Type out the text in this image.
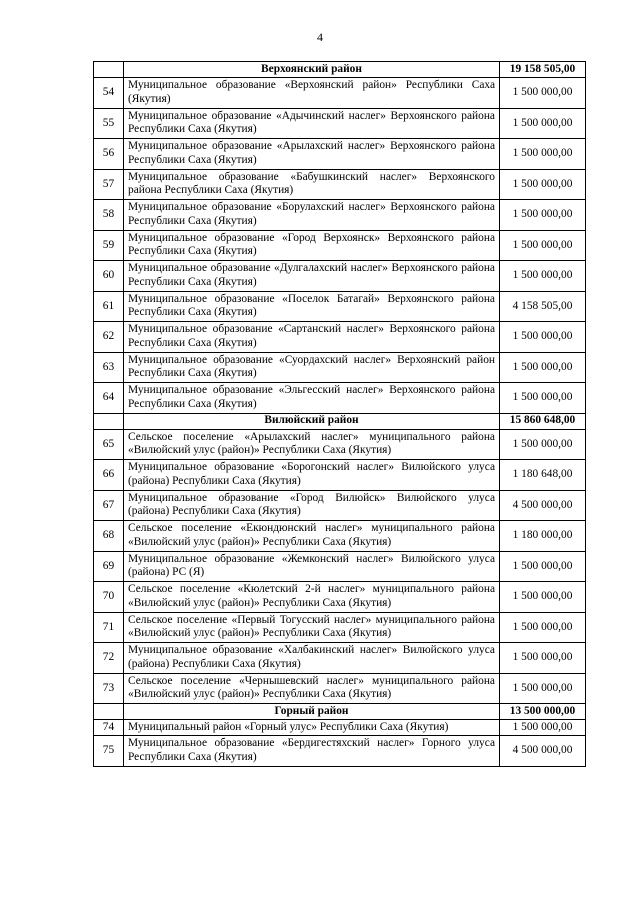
4
	Верхоянский район	19 158 505,00
54	Муниципальное образование «Верхоянский район» Республики Саха (Якутия)	1 500 000,00
55	Муниципальное образование «Адычинский наслег» Верхоянского района Республики Саха (Якутия)	1 500 000,00
56	Муниципальное образование «Арылахский наслег» Верхоянского района Республики Саха (Якутия)	1 500 000,00
57	Муниципальное образование «Бабушкинский наслег» Верхоянского района Республики Саха (Якутия)	1 500 000,00
58	Муниципальное образование «Борулахский наслег» Верхоянского района Республики Саха (Якутия)	1 500 000,00
59	Муниципальное образование «Город Верхоянск» Верхоянского района Республики Саха (Якутия)	1 500 000,00
60	Муниципальное образование «Дулгалахский наслег» Верхоянского района Республики Саха (Якутия)	1 500 000,00
61	Муниципальное образование «Поселок Батагай» Верхоянского района Республики Саха (Якутия)	4 158 505,00
62	Муниципальное образование «Сартанский наслег» Верхоянского района Республики Саха (Якутия)	1 500 000,00
63	Муниципальное образование «Суордахский наслег» Верхоянский район Республики Саха (Якутия)	1 500 000,00
64	Муниципальное образование «Эльгесский наслег» Верхоянского района Республики Саха (Якутия)	1 500 000,00
	Вилюйский район	15 860 648,00
65	Сельское поселение «Арылахский наслег» муниципального района «Вилюйский улус (район)» Республики Саха (Якутия)	1 500 000,00
66	Муниципальное образование «Борогонский наслег» Вилюйского улуса (района) Республики Саха (Якутия)	1 180 648,00
67	Муниципальное образование «Город Вилюйск» Вилюйского улуса (района) Республики Саха (Якутия)	4 500 000,00
68	Сельское поселение «Екюндюнский наслег» муниципального района «Вилюйский улус (район)» Республики Саха (Якутия)	1 180 000,00
69	Муниципальное образование «Жемконский наслег» Вилюйского улуса (района) РС (Я)	1 500 000,00
70	Сельское поселение «Кюлетский 2-й наслег» муниципального района «Вилюйский улус (район)» Республики Саха (Якутия)	1 500 000,00
71	Сельское поселение «Первый Тогусский наслег» муниципального района «Вилюйский улус (район)» Республики Саха (Якутия)	1 500 000,00
72	Муниципальное образование «Халбакинский наслег» Вилюйского улуса (района) Республики Саха (Якутия)	1 500 000,00
73	Сельское поселение «Чернышевский наслег» муниципального района «Вилюйский улус (район)» Республики Саха (Якутия)	1 500 000,00
	Горный район	13 500 000,00
74	Муниципальный район «Горный улус» Республики Саха (Якутия)	1 500 000,00
75	Муниципальное образование «Бердигестяхский наслег» Горного улуса Республики Саха (Якутия)	4 500 000,00
